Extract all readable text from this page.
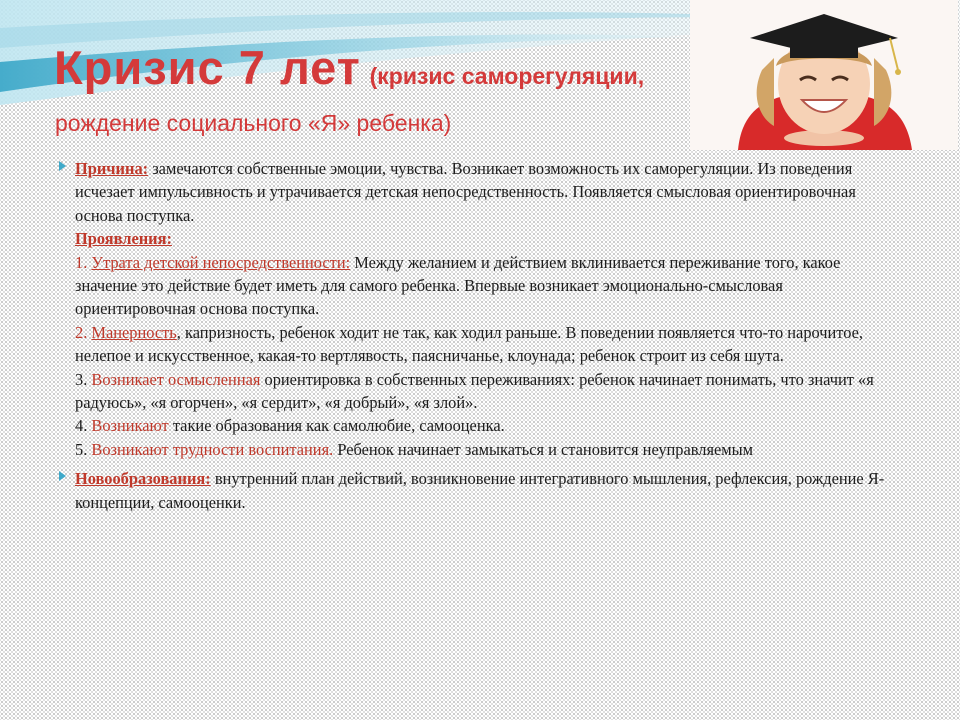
Кризис 7 лет (кризис саморегуляции,
рождение социального «Я» ребенка)
Причина: замечаются собственные эмоции, чувства. Возникает возможность их саморегуляции. Из поведения исчезает импульсивность и утрачивается детская непосредственность. Появляется смысловая ориентировочная основа поступка.
Проявления:
1. Утрата детской непосредственности: Между желанием и действием вклинивается переживание того, какое значение это действие будет иметь для самого ребенка. Впервые возникает эмоционально-смысловая ориентировочная основа поступка.
2. Манерность, капризность, ребенок ходит не так, как ходил раньше. В поведении появляется что-то нарочитое, нелепое и искусственное, какая-то вертлявость, паясничанье, клоунада; ребенок строит из себя шута.
3. Возникает осмысленная ориентировка в собственных переживаниях: ребенок начинает понимать, что значит «я радуюсь», «я огорчен», «я сердит», «я добрый», «я злой».
4. Возникают такие образования как самолюбие, самооценка.
5. Возникают трудности воспитания. Ребенок начинает замыкаться и становится неуправляемым
Новообразования: внутренний план действий, возникновение интегративного мышления, рефлексия, рождение Я-концепции, самооценки.
